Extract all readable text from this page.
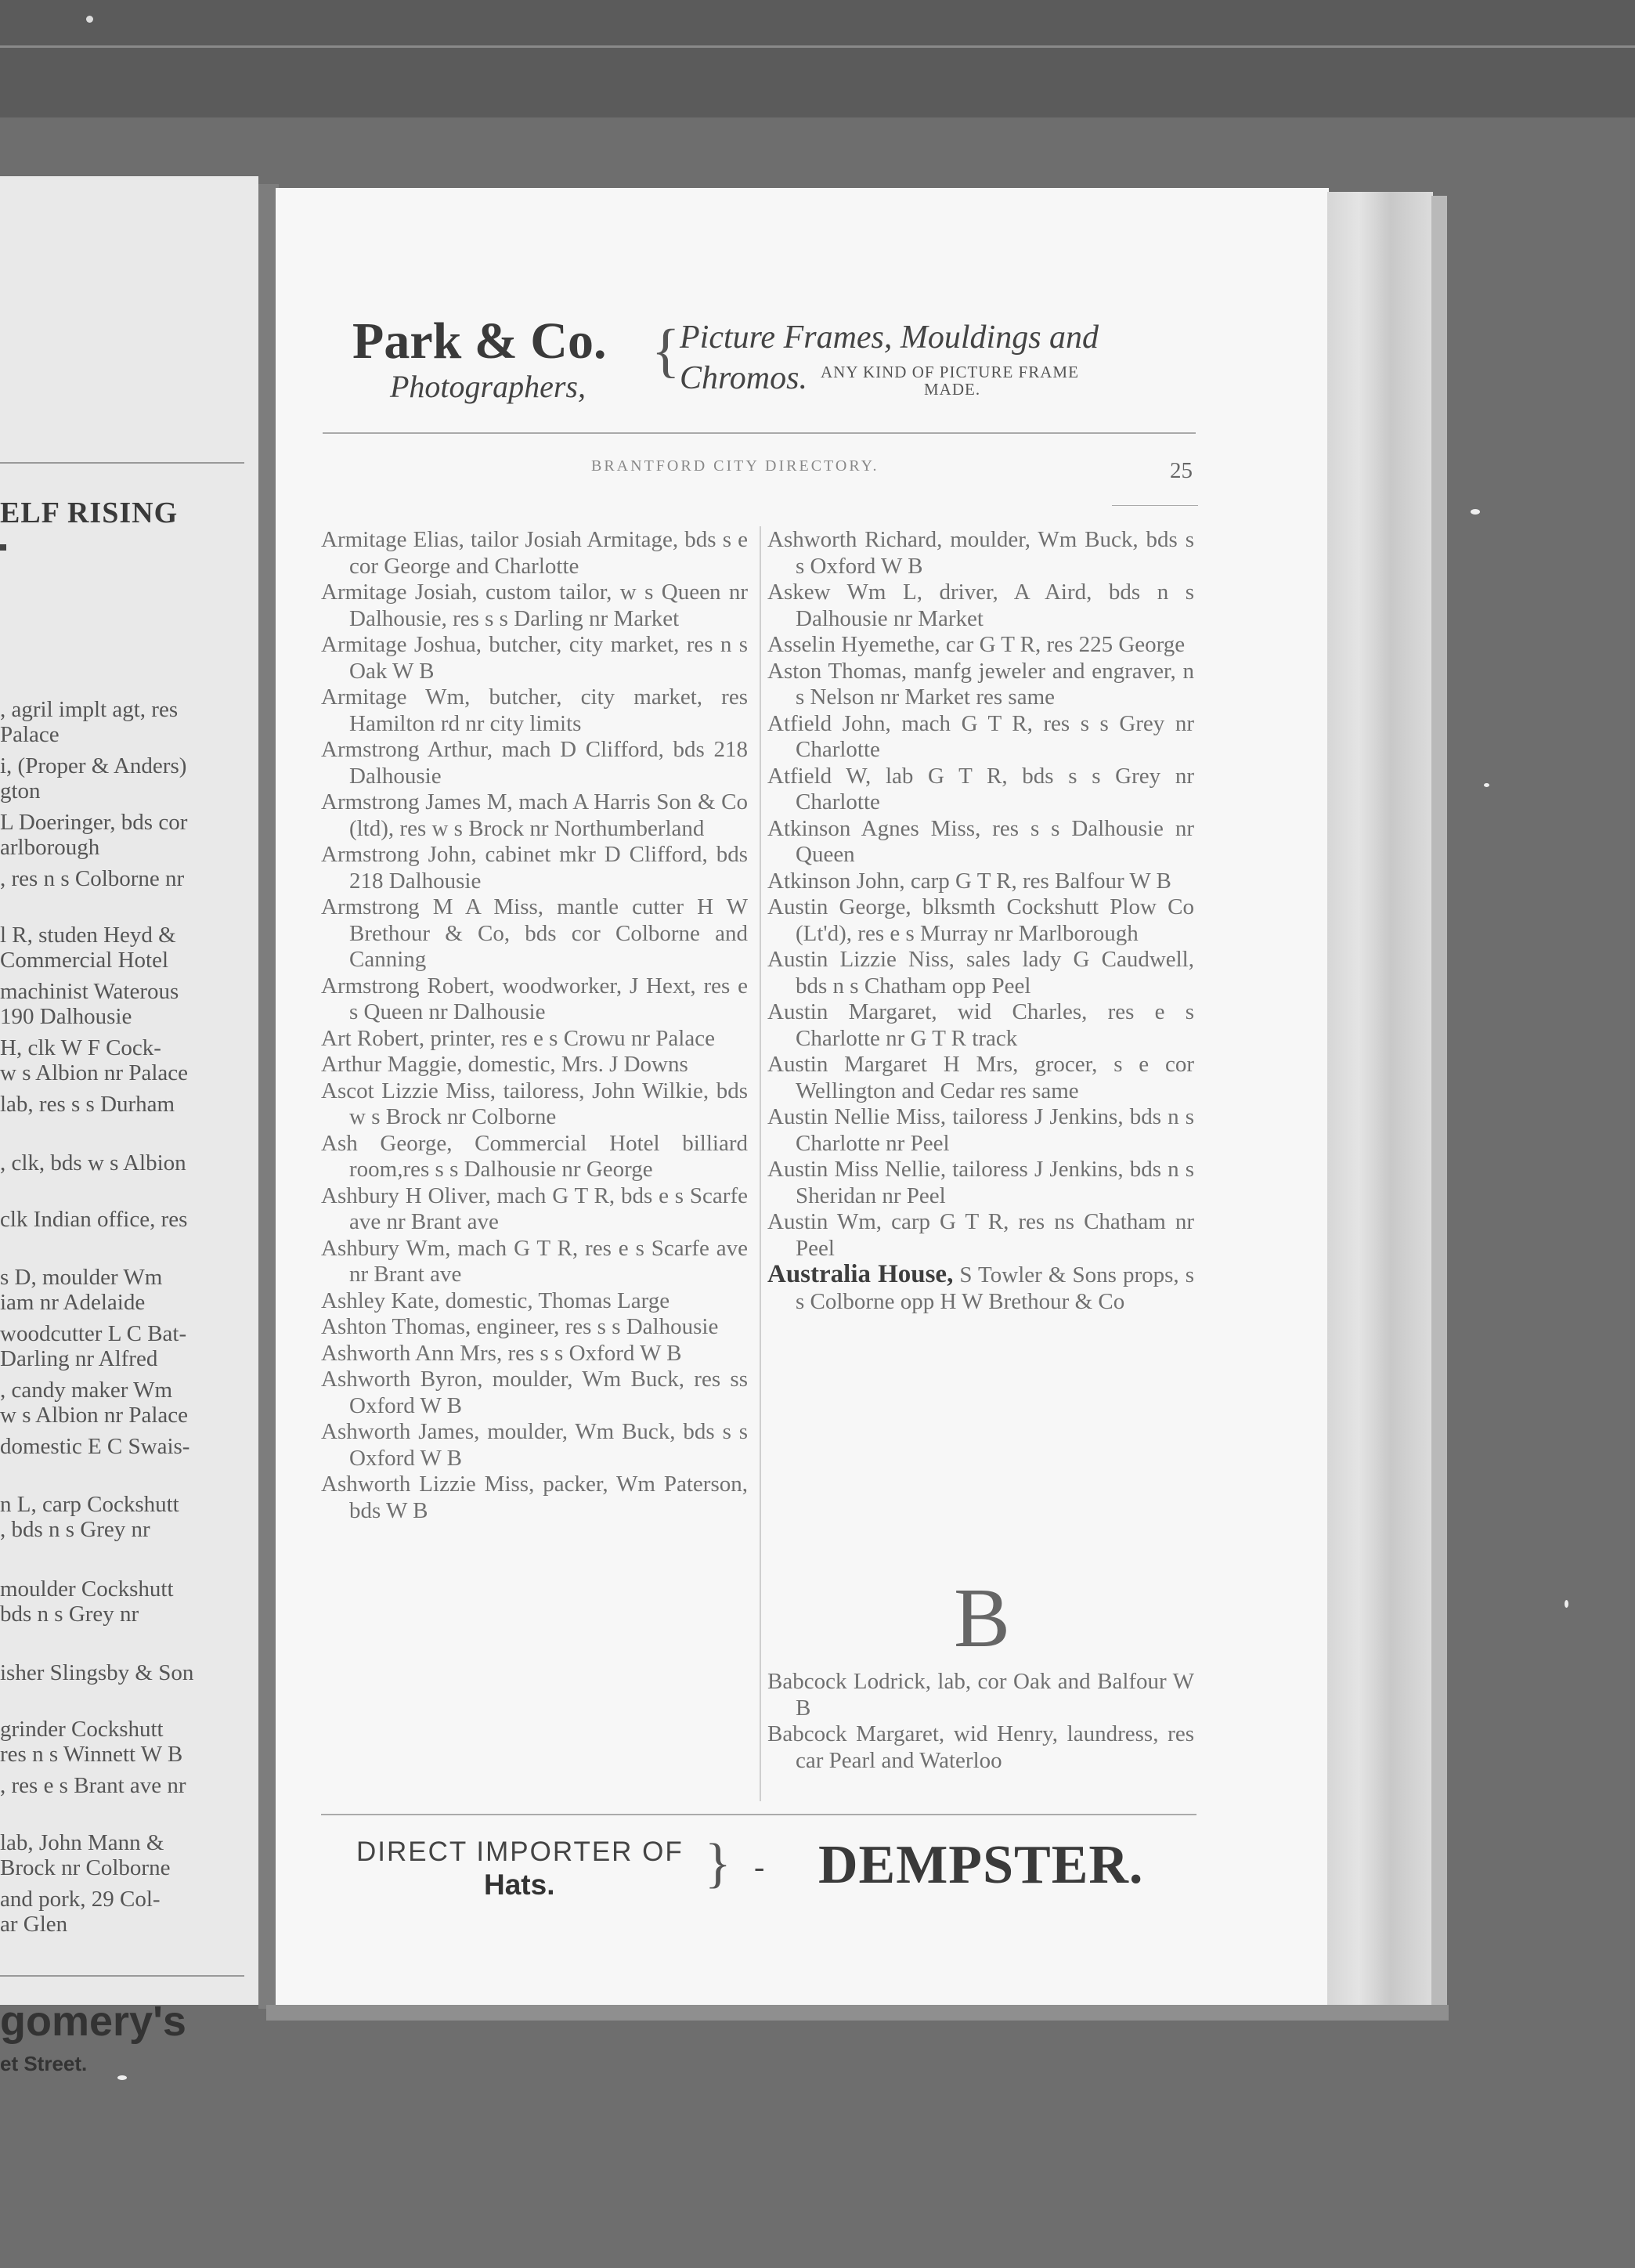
ELF RISING
, agril implt agt, res
Palace
i, (Proper & Anders)
gton
L Doeringer, bds cor
arlborough
, res n s Colborne nr
l R, studen Heyd &
Commercial Hotel
machinist Waterous
190 Dalhousie
H, clk W F Cock-
w s Albion nr Palace
lab, res s s Durham
, clk, bds w s Albion
clk Indian office, res
s D, moulder Wm
iam nr Adelaide
woodcutter L C Bat-
Darling nr Alfred
, candy maker Wm
w s Albion nr Palace
domestic E C Swais-
n L, carp Cockshutt
, bds n s Grey nr
moulder Cockshutt
bds n s Grey nr
isher Slingsby & Son
grinder Cockshutt
res n s Winnett W B
, res e s Brant ave nr
lab, John Mann &
Brock nr Colborne
and pork, 29 Col-
ar Glen
gomery's
et Street.
Park & Co.
Photographers,
{ Picture Frames, Mouldings and
Chromos. ANY KIND OF PICTURE FRAME
MADE.
BRANTFORD CITY DIRECTORY.	25
Armitage Elias, tailor Josiah Armitage, bds s e cor George and Charlotte
Armitage Josiah, custom tailor, w s Queen nr Dalhousie, res s s Darling nr Market
Armitage Joshua, butcher, city market, res n s Oak W B
Armitage Wm, butcher, city market, res Hamilton rd nr city limits
Armstrong Arthur, mach D Clifford, bds 218 Dalhousie
Armstrong James M, mach A Harris Son & Co (ltd), res w s Brock nr Northumberland
Armstrong John, cabinet mkr D Clifford, bds 218 Dalhousie
Armstrong M A Miss, mantle cutter H W Brethour & Co, bds cor Colborne and Canning
Armstrong Robert, woodworker, J Hext, res e s Queen nr Dalhousie
Art Robert, printer, res e s Crowu nr Palace
Arthur Maggie, domestic, Mrs. J Downs
Ascot Lizzie Miss, tailoress, John Wilkie, bds w s Brock nr Colborne
Ash George, Commercial Hotel billiard room,res s s Dalhousie nr George
Ashbury H Oliver, mach G T R, bds e s Scarfe ave nr Brant ave
Ashbury Wm, mach G T R, res e s Scarfe ave nr Brant ave
Ashley Kate, domestic, Thomas Large
Ashton Thomas, engineer, res s s Dalhousie
Ashworth Ann Mrs, res s s Oxford W B
Ashworth Byron, moulder, Wm Buck, res ss Oxford W B
Ashworth James, moulder, Wm Buck, bds s s Oxford W B
Ashworth Lizzie Miss, packer, Wm Paterson, bds W B
Ashworth Richard, moulder, Wm Buck, bds s s Oxford W B
Askew Wm L, driver, A Aird, bds n s Dalhousie nr Market
Asselin Hyemethe, car G T R, res 225 George
Aston Thomas, manfg jeweler and engraver, n s Nelson nr Market res same
Atfield John, mach G T R, res s s Grey nr Charlotte
Atfield W, lab G T R, bds s s Grey nr Charlotte
Atkinson Agnes Miss, res s s Dalhousie nr Queen
Atkinson John, carp G T R, res Balfour W B
Austin George, blksmth Cockshutt Plow Co (Lt'd), res e s Murray nr Marlborough
Austin Lizzie Niss, sales lady G Caudwell, bds n s Chatham opp Peel
Austin Margaret, wid Charles, res e s Charlotte nr G T R track
Austin Margaret H Mrs, grocer, s e cor Wellington and Cedar res same
Austin Nellie Miss, tailoress J Jenkins, bds n s Charlotte nr Peel
Austin Miss Nellie, tailoress J Jenkins, bds n s Sheridan nr Peel
Austin Wm, carp G T R, res ns Chatham nr Peel
Australia House, S Towler & Sons props, s s Colborne opp H W Brethour & Co
B
Babcock Lodrick, lab, cor Oak and Balfour W B
Babcock Margaret, wid Henry, laundress, res car Pearl and Waterloo
DIRECT IMPORTER OF
Hats.	} - DEMPSTER.
